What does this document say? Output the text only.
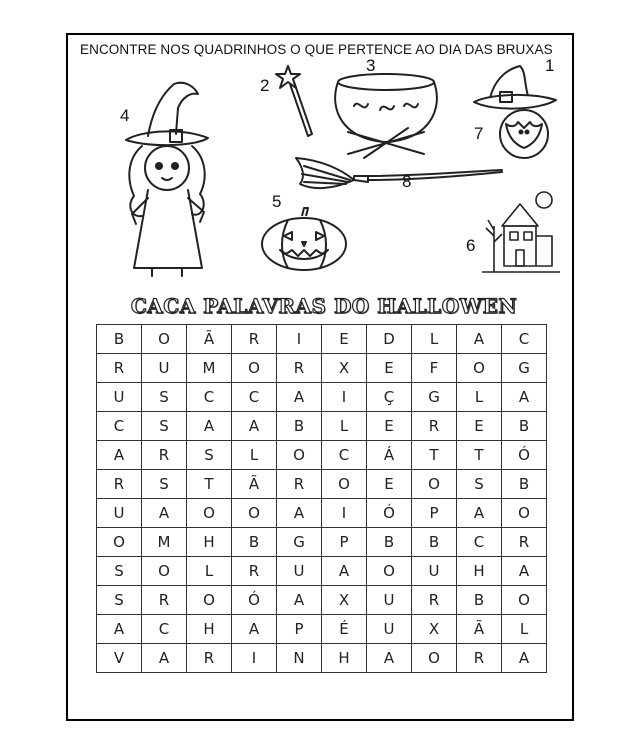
ENCONTRE NOS QUADRINHOS O QUE PERTENCE AO DIA DAS BRUXAS
4
2
3	1
7
8
5
6
CACA PALAVRAS DO HALLOWEN
B	O	Ã	R	I	E	D	L	A	C
R	U	M	O	R	X	E	F	O	G
U	S	C	C	A	I	Ç	G	L	A
C	S	A	A	B	L	E	R	E	B
A	R	S	L	O	C	Á	T	T	Ó
R	S	T	Ã	R	O	E	O	S	B
U	A	O	O	A	I	Ó	P	A	O
O	M	H	B	G	P	B	B	C	R
S	O	L	R	U	A	O	U	H	A
S	R	O	Ó	A	X	U	R	B	O
A	C	H	A	P	É	U	X	Ã	L
V	A	R	I	N	H	A	O	R	A
